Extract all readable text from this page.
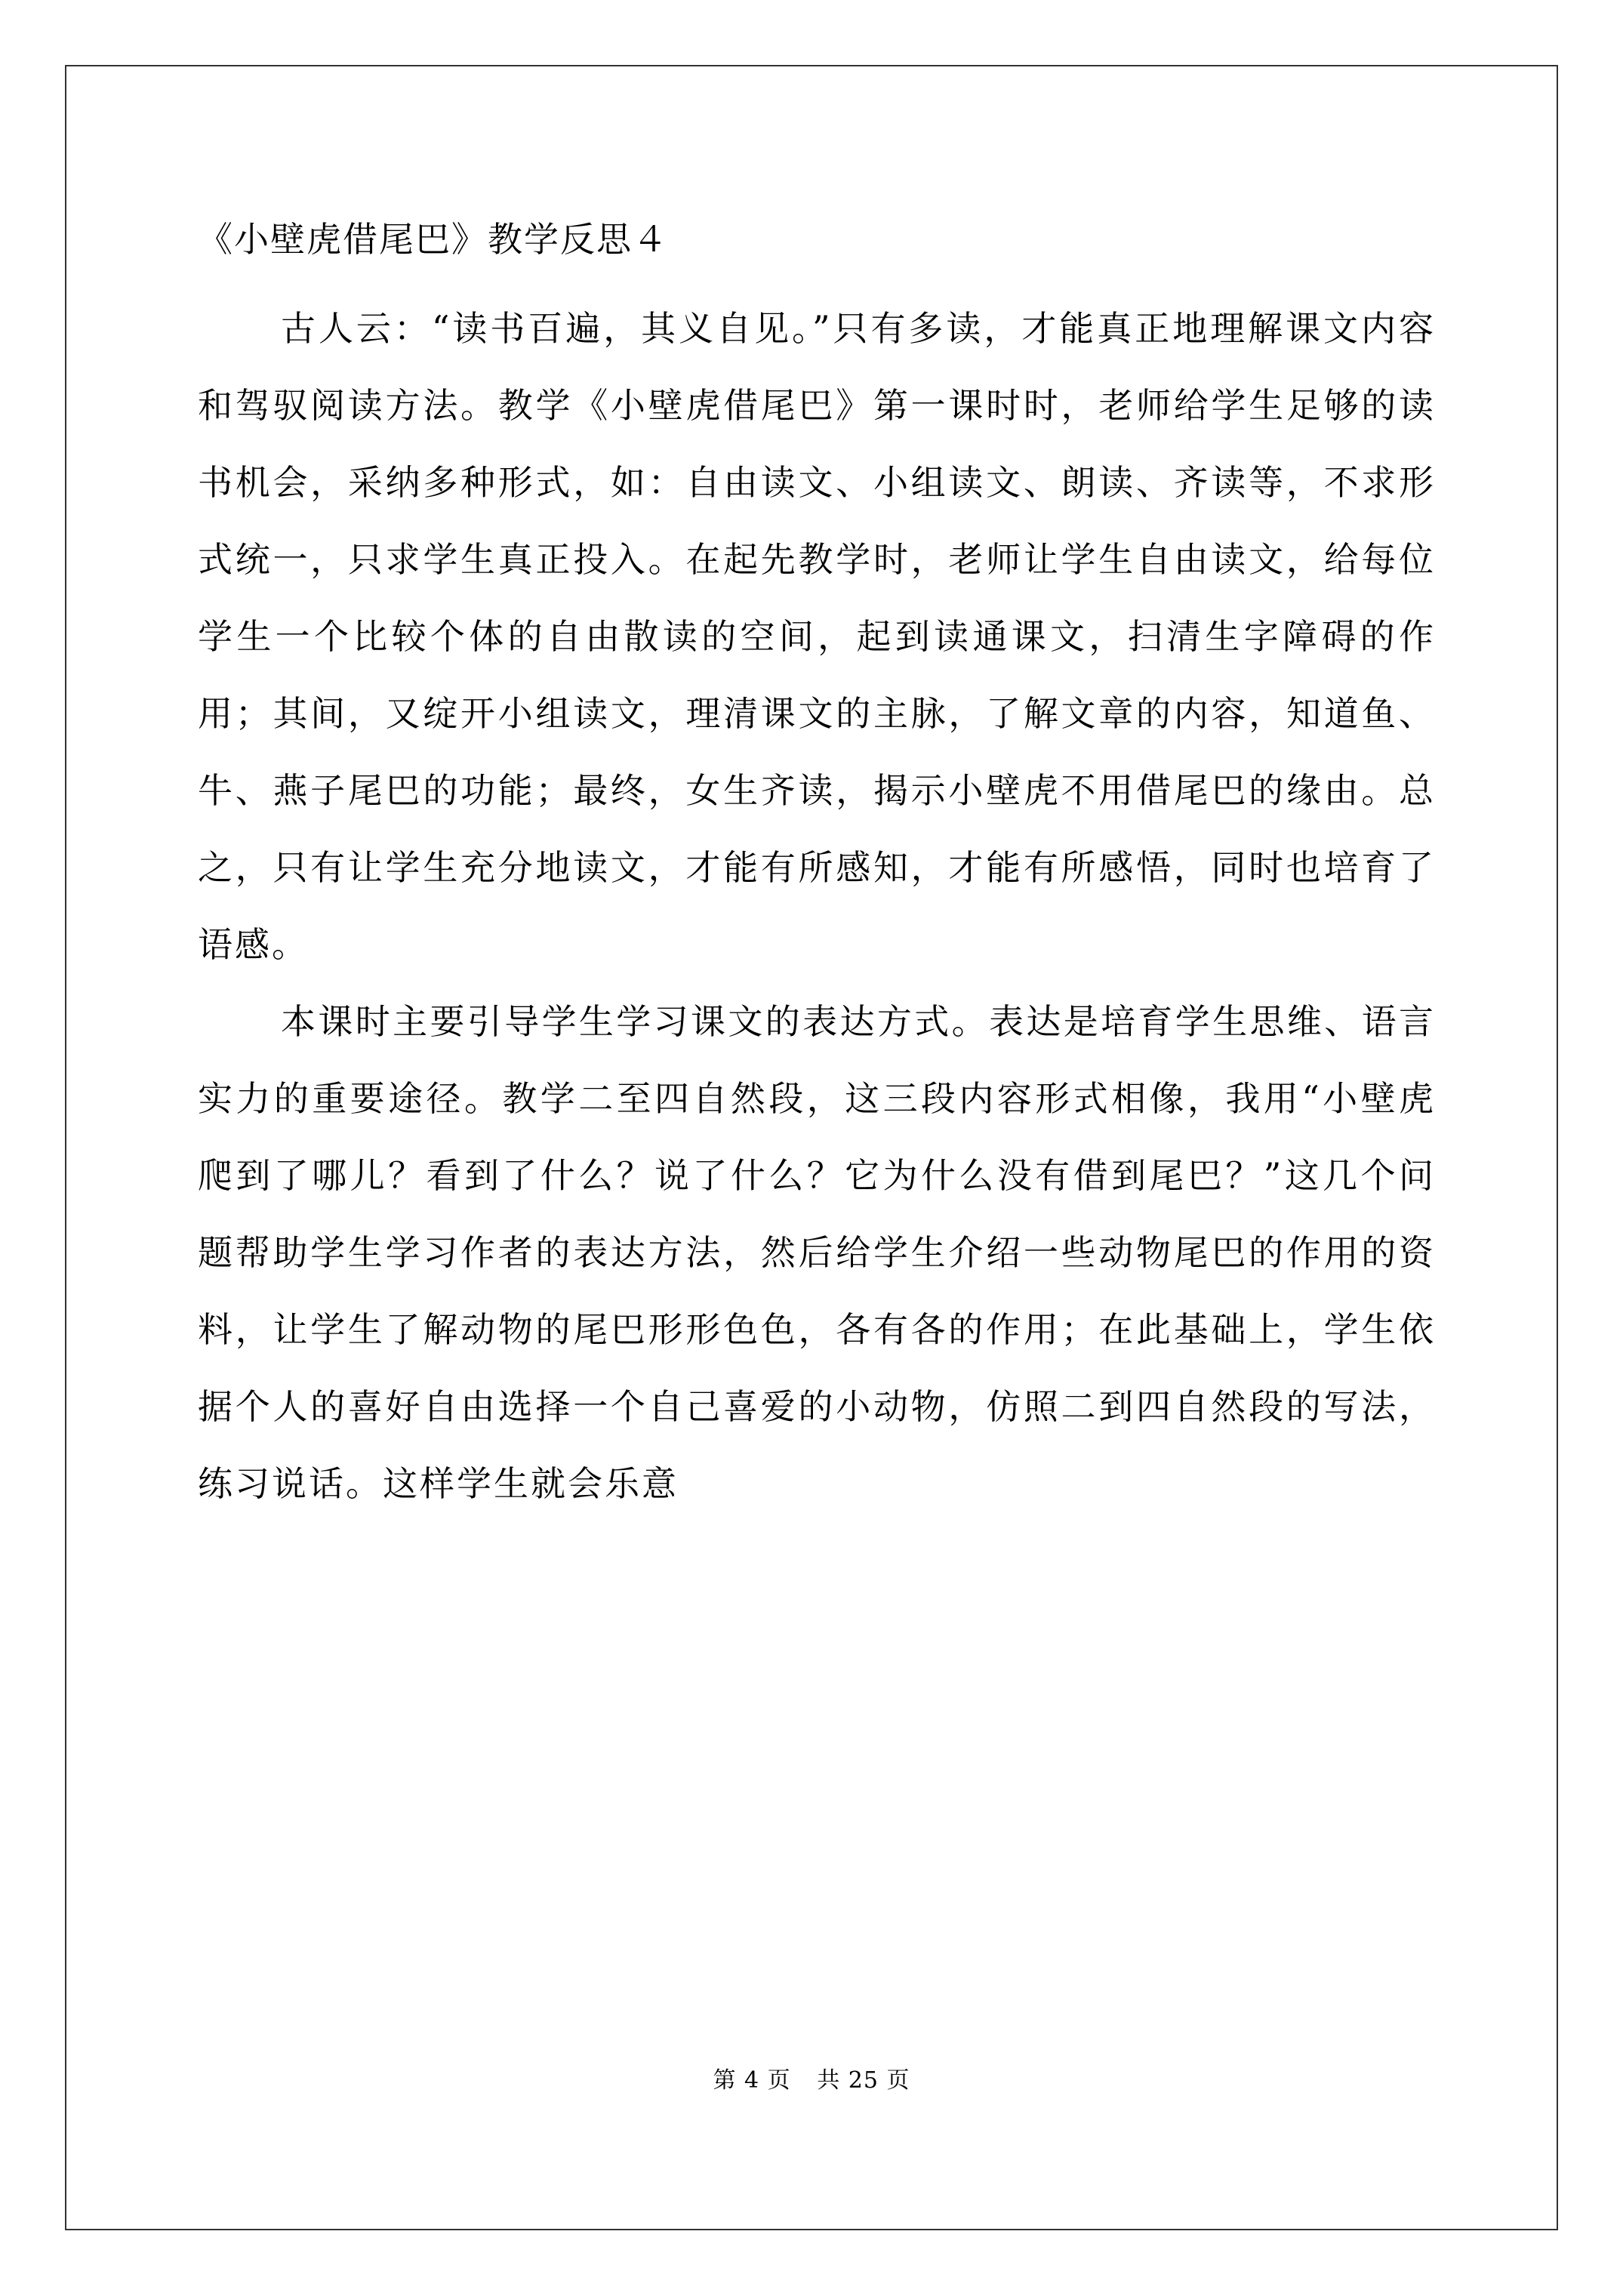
《小壁虎借尾巴》教学反思４

古人云：“读书百遍，其义自见。”只有多读，才能真正地理解课文内容和驾驭阅读方法。教学《小壁虎借尾巴》第一课时时，老师给学生足够的读书机会，采纳多种形式，如：自由读文、小组读文、朗读、齐读等，不求形式统一，只求学生真正投入。在起先教学时，老师让学生自由读文，给每位学生一个比较个体的自由散读的空间，起到读通课文，扫清生字障碍的作用；其间，又绽开小组读文，理清课文的主脉，了解文章的内容，知道鱼、牛、燕子尾巴的功能；最终，女生齐读，揭示小壁虎不用借尾巴的缘由。总之，只有让学生充分地读文，才能有所感知，才能有所感悟，同时也培育了语感。

本课时主要引导学生学习课文的表达方式。表达是培育学生思维、语言实力的重要途径。教学二至四自然段，这三段内容形式相像，我用“小壁虎爬到了哪儿？看到了什么？说了什么？它为什么没有借到尾巴？”这几个问题帮助学生学习作者的表达方法，然后给学生介绍一些动物尾巴的作用的资料，让学生了解动物的尾巴形形色色，各有各的作用；在此基础上，学生依据个人的喜好自由选择一个自己喜爱的小动物，仿照二到四自然段的写法，练习说话。这样学生就会乐意

第 4 页 共 25 页
